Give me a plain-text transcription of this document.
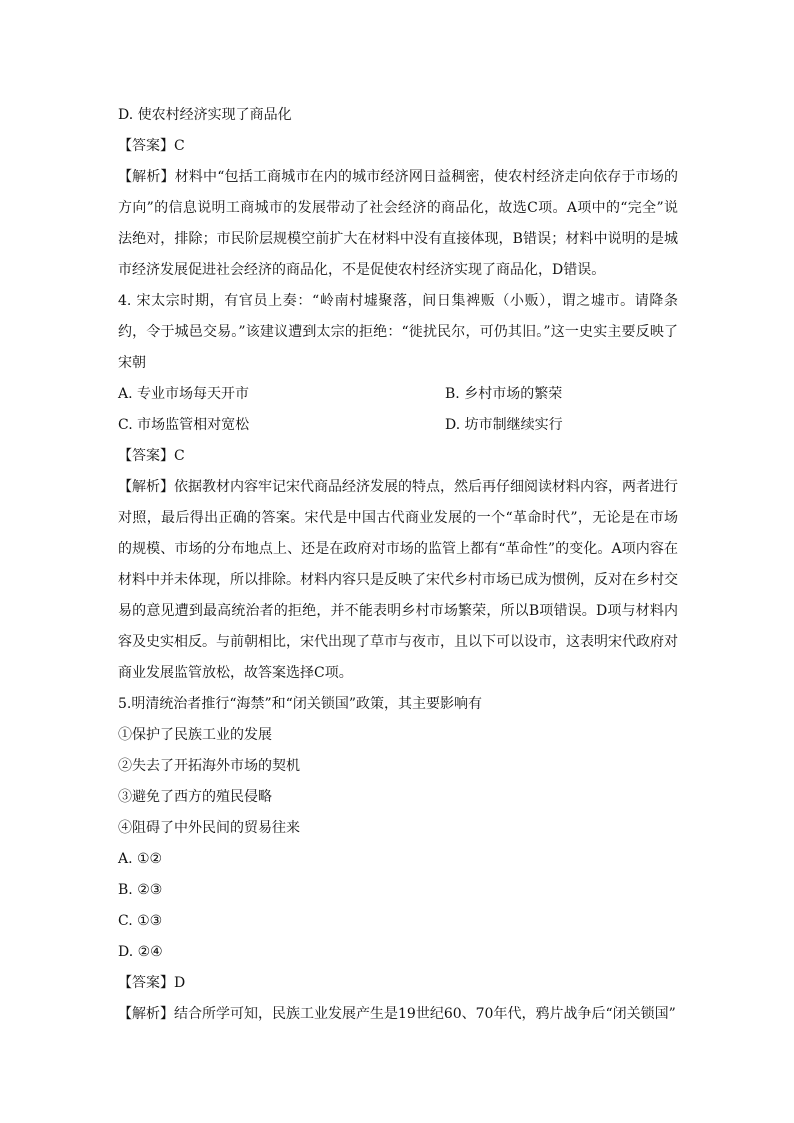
D. 使农村经济实现了商品化
【答案】C
【解析】材料中“包括工商城市在内的城市经济网日益稠密，使农村经济走向依存于市场的方向”的信息说明工商城市的发展带动了社会经济的商品化，故选C项。A项中的“完全”说法绝对，排除；市民阶层规模空前扩大在材料中没有直接体现，B错误；材料中说明的是城市经济发展促进社会经济的商品化，不是促使农村经济实现了商品化，D错误。
4. 宋太宗时期，有官员上奏：“岭南村墟聚落，间日集裨贩（小贩），谓之墟市。请降条约，令于城邑交易。”该建议遭到太宗的拒绝：“徙扰民尔，可仍其旧。”这一史实主要反映了宋朝
A. 专业市场每天开市	B. 乡村市场的繁荣
C. 市场监管相对宽松	D. 坊市制继续实行
【答案】C
【解析】依据教材内容牢记宋代商品经济发展的特点，然后再仔细阅读材料内容，两者进行对照，最后得出正确的答案。宋代是中国古代商业发展的一个“革命时代”，无论是在市场的规模、市场的分布地点上、还是在政府对市场的监管上都有“革命性”的变化。A项内容在材料中并未体现，所以排除。材料内容只是反映了宋代乡村市场已成为惯例，反对在乡村交易的意见遭到最高统治者的拒绝，并不能表明乡村市场繁荣，所以B项错误。D项与材料内容及史实相反。与前朝相比，宋代出现了草市与夜市，且以下可以设市，这表明宋代政府对商业发展监管放松，故答案选择C项。
5.明清统治者推行“海禁”和“闭关锁国”政策，其主要影响有
①保护了民族工业的发展
②失去了开拓海外市场的契机
③避免了西方的殖民侵略
④阻碍了中外民间的贸易往来
A. ①②
B. ②③
C. ①③
D. ②④
【答案】D
【解析】结合所学可知，民族工业发展产生是19世纪60、70年代，鸦片战争后“闭关锁国”
